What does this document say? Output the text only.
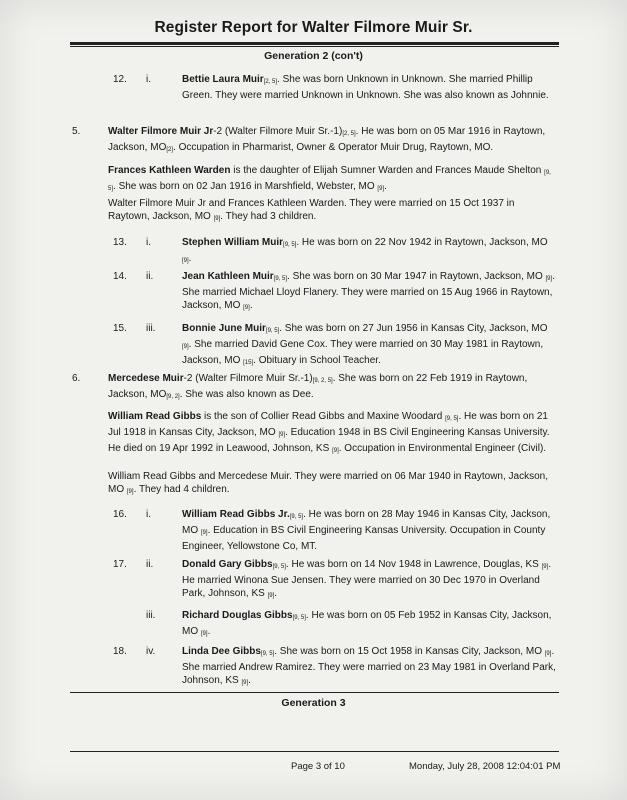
Register Report for Walter Filmore Muir Sr.
Generation 2 (con't)
12. i.	Bettie Laura Muir[2, 5]. She was born Unknown in Unknown. She married Phillip Green. They were married Unknown in Unknown. She was also known as Johnnie.
5.	Walter Filmore Muir Jr-2 (Walter Filmore Muir Sr.-1)[2, 5]. He was born on 05 Mar 1916 in Raytown, Jackson, MO[2]. Occupation in Pharmarist, Owner & Operator Muir Drug, Raytown, MO.
Frances Kathleen Warden is the daughter of Elijah Sumner Warden and Frances Maude Shelton [9, 5]. She was born on 02 Jan 1916 in Marshfield, Webster, MO [9].
Walter Filmore Muir Jr and Frances Kathleen Warden. They were married on 15 Oct 1937 in Raytown, Jackson, MO [9]. They had 3 children.
13. i.	Stephen William Muir[9, 5]. He was born on 22 Nov 1942 in Raytown, Jackson, MO [9].
14. ii.	Jean Kathleen Muir[9, 5]. She was born on 30 Mar 1947 in Raytown, Jackson, MO [9]. She married Michael Lloyd Flanery. They were married on 15 Aug 1966 in Raytown, Jackson, MO [9].
15. iii.	Bonnie June Muir[9, 5]. She was born on 27 Jun 1956 in Kansas City, Jackson, MO [9]. She married David Gene Cox. They were married on 30 May 1981 in Raytown, Jackson, MO [15]. Obituary in School Teacher.
6.	Mercedese Muir-2 (Walter Filmore Muir Sr.-1)[9, 2, 5]. She was born on 22 Feb 1919 in Raytown, Jackson, MO[9, 2]. She was also known as Dee.
William Read Gibbs is the son of Collier Read Gibbs and Maxine Woodard [9, 5]. He was born on 21 Jul 1918 in Kansas City, Jackson, MO [9]. Education 1948 in BS Civil Engineering Kansas University. He died on 19 Apr 1992 in Leawood, Johnson, KS [9]. Occupation in Environmental Engineer (Civil).
William Read Gibbs and Mercedese Muir. They were married on 06 Mar 1940 in Raytown, Jackson, MO [9]. They had 4 children.
16. i.	William Read Gibbs Jr.[9, 5]. He was born on 28 May 1946 in Kansas City, Jackson, MO [9]. Education in BS Civil Engineering Kansas University. Occupation in County Engineer, Yellowstone Co, MT.
17. ii.	Donald Gary Gibbs[9, 5]. He was born on 14 Nov 1948 in Lawrence, Douglas, KS [9]. He married Winona Sue Jensen. They were married on 30 Dec 1970 in Overland Park, Johnson, KS [9].
iii.	Richard Douglas Gibbs[9, 5]. He was born on 05 Feb 1952 in Kansas City, Jackson, MO [9].
18. iv.	Linda Dee Gibbs[9, 5]. She was born on 15 Oct 1958 in Kansas City, Jackson, MO [9]. She married Andrew Ramirez. They were married on 23 May 1981 in Overland Park, Johnson, KS [9].
Generation 3
Page 3 of 10	Monday, July 28, 2008 12:04:01 PM
